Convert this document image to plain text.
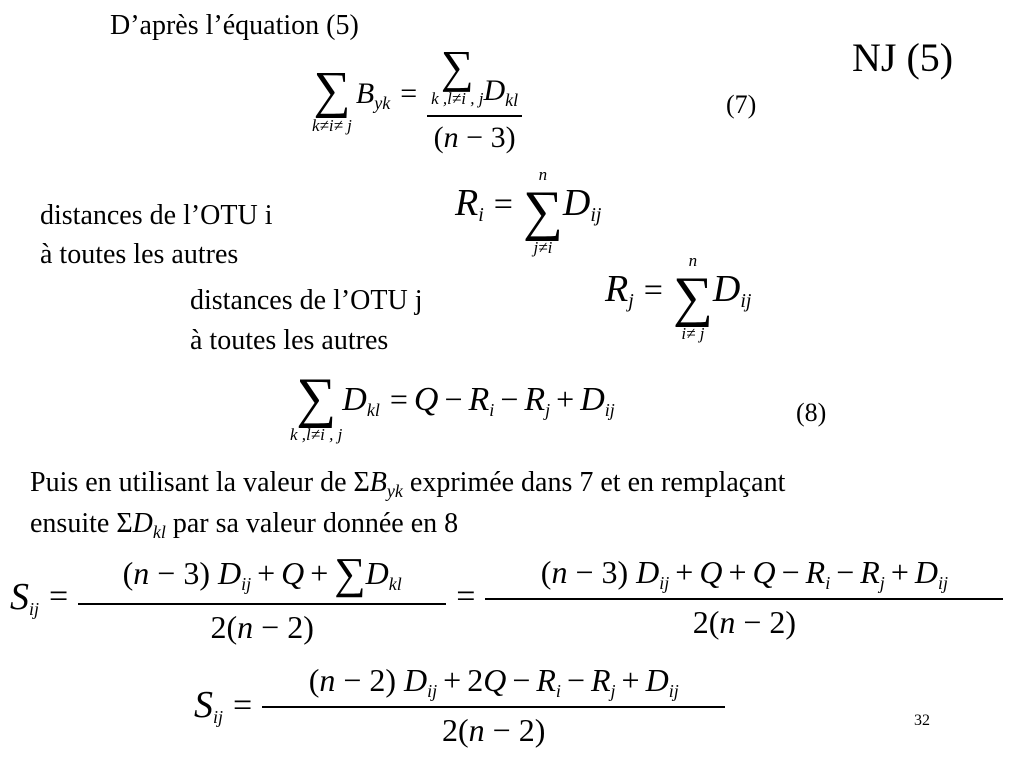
D’après l’équation (5)
NJ (5)
∑
k≠i≠ j
$B_{yk}$ = ∑
k ,l≠i , j $D_{kl}$
(n − 3)	(7)
distances de l’OTU i
à toutes les autres
$R_i$ =
n
∑
j≠i
$D_{ij}$
distances de l’OTU j
à toutes les autres
$R_j$ =
n
∑
i≠ j
$D_{ij}$
∑
k ,l≠i , j
$D_{kl} = Q - R_i - R_j + D_{ij}$	(8)
Puis en utilisant la valeur de $\Sigma B_{yk}$ exprimée dans 7 et en remplaçant
ensuite $\Sigma D_{kl}$ par sa valeur donnée en 8
$S_{ij} = \frac{(n - 3) D_{ij} + Q + \sum D_{kl}}{2(n - 2)} = \frac{(n - 3) D_{ij} + Q + Q - R_i - R_j + D_{ij}}{2(n - 2)}$
$S_{ij} = \frac{(n - 2) D_{ij} + 2Q - R_i - R_j + D_{ij}}{2(n - 2)}$	32
